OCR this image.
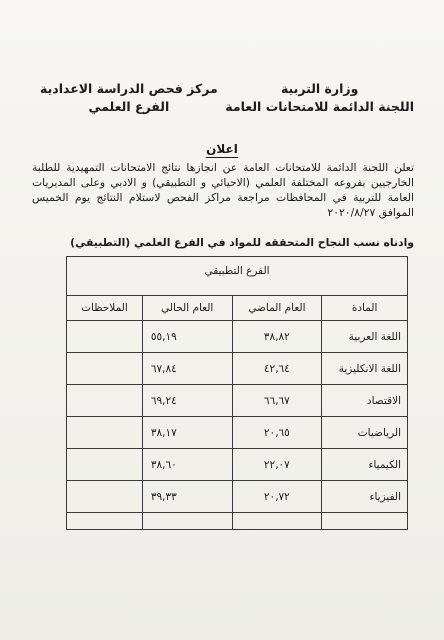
وزارة التربية
اللجنة الدائمة للامتحانات العامة
مركز فحص الدراسة الاعدادية
الفرع العلمي
اعلان
تعلن اللجنة الدائمة للامتحانات العامة عن انجازها نتائج الامتحانات التمهيدية للطلبة الخارجيين بفروعه المختلفة العلمي (الاحيائي و التطبيقي) و الادبي وعلى المديريات العامة للتربية في المحافظات مراجعة مراكز الفحص لاستلام النتائج يوم الخميس الموافق ٢٠٢٠/٨/٢٧
وادناه نسب النجاح المتحققه للمواد في الفرع العلمي (التطبيقي)
الفرع التطبيقي			

المادة	العام الماضي	العام الحالي	الملاحظات
اللغة العربية	٣٨,٨٢	٥٥,١٩	
اللغة الانكليزية	٤٢,٦٤	٦٧,٨٤	
الاقتصاد	٦٦,٦٧	٦٩,٢٤	
الرياضيات	٢٠,٦٥	٣٨,١٧	
الكيمياء	٢٢,٠٧	٣٨,٦٠	
الفيزياء	٢٠,٧٢	٣٩,٣٣	
